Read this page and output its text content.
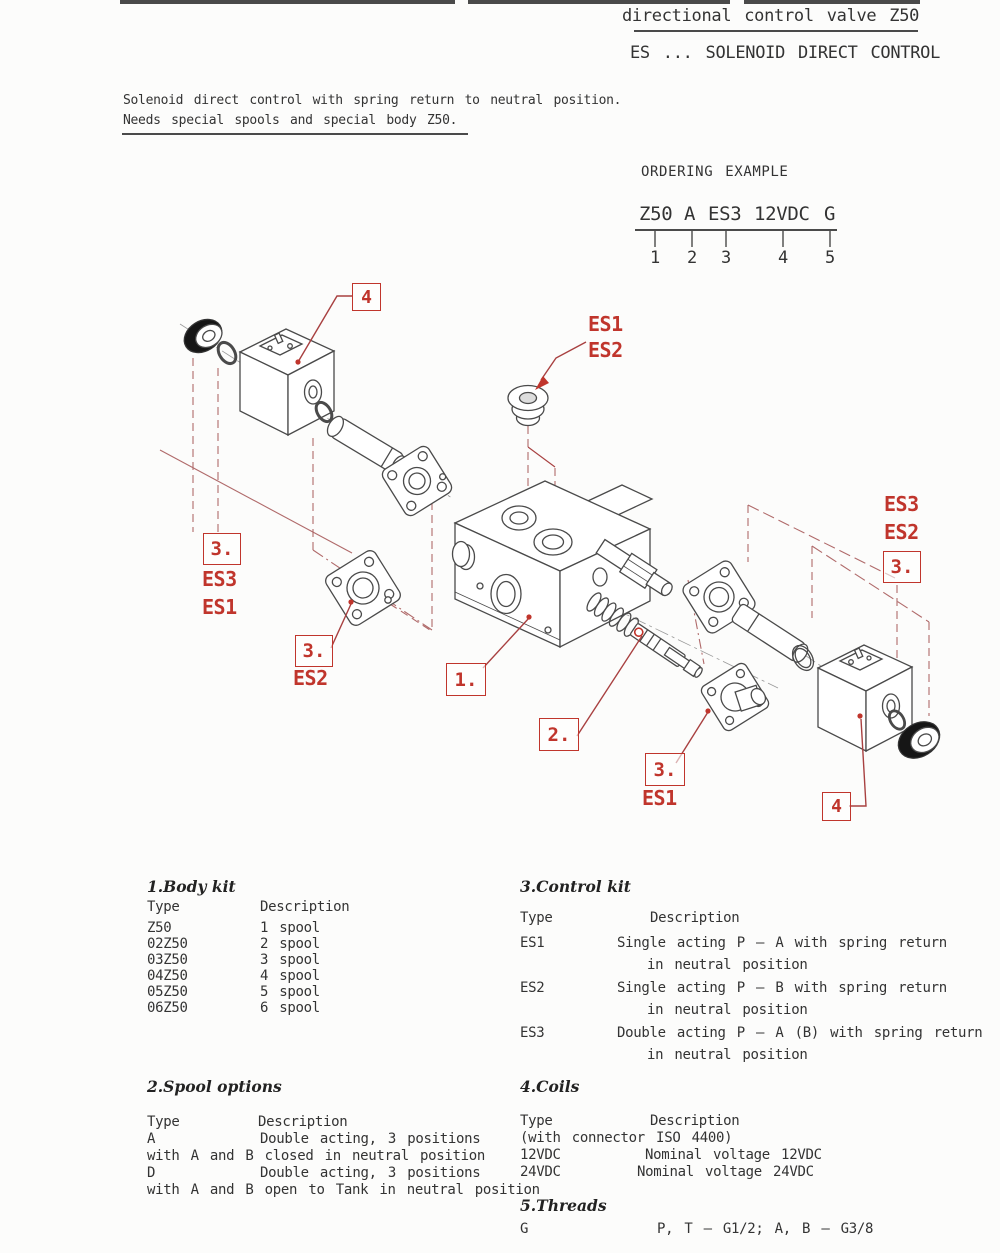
directional control valve Z50
ES ... SOLENOID DIRECT CONTROL
Solenoid direct control with spring return to neutral position.
Needs special spools and special body Z50.
ORDERING EXAMPLE
Z50 A ES3 12VDC G
1 2 3	4 5
4
ES1
ES2
3.
ES3
ES1
3.
ES2	1.
2.
3.
ES1
ES3
ES2
3.
4
1.Body kit
Type	Description
Z50	1 spool
02Z50	2 spool
03Z50	3 spool
04Z50	4 spool
05Z50	5 spool
06Z50	6 spool
3.Control kit
Type	Description
ES1	Single acting P – A with spring return
in neutral position
ES2	Single acting P – B with spring return
in neutral position
ES3	Double acting P – A (B) with spring return
in neutral position
2.Spool options
Type	Description
A	Double acting, 3 positions
with A and B closed in neutral position
D	Double acting, 3 positions
with A and B open to Tank in neutral position
4.Coils
Type	Description
(with connector ISO 4400)
12VDC	Nominal voltage 12VDC
24VDC	Nominal voltage 24VDC
5.Threads
G	P, T – G1/2; A, B – G3/8
